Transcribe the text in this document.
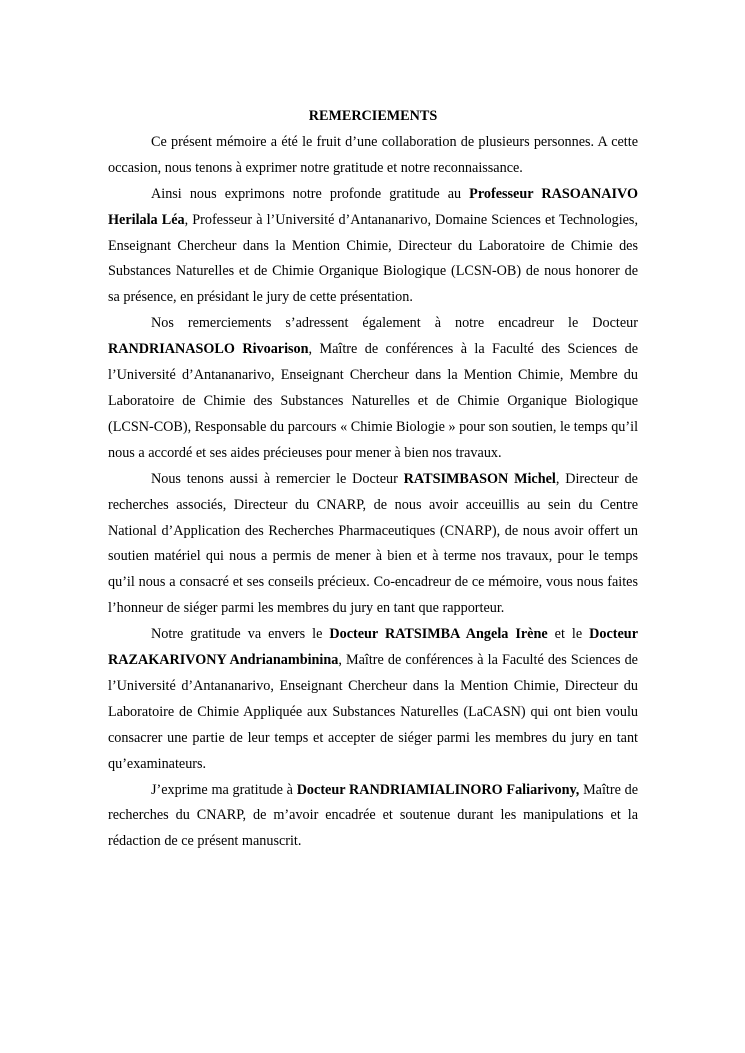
REMERCIEMENTS

Ce présent mémoire a été le fruit d’une collaboration de plusieurs personnes. A cette occasion, nous tenons à exprimer notre gratitude et notre reconnaissance.

Ainsi nous exprimons notre profonde gratitude au Professeur RASOANAIVO Herilala Léa, Professeur à l’Université d’Antananarivo, Domaine Sciences et Technologies, Enseignant Chercheur dans la Mention Chimie, Directeur du Laboratoire de Chimie des Substances Naturelles et de Chimie Organique Biologique (LCSN-OB) de nous honorer de sa présence, en présidant le jury de cette présentation.

Nos remerciements s’adressent également à notre encadreur le Docteur RANDRIANASOLO Rivoarison, Maître de conférences à la Faculté des Sciences de l’Université d’Antananarivo, Enseignant Chercheur dans la Mention Chimie, Membre du Laboratoire de Chimie des Substances Naturelles et de Chimie Organique Biologique (LCSN-COB), Responsable du parcours « Chimie Biologie » pour son soutien, le temps qu’il nous a accordé et ses aides précieuses pour mener à bien nos travaux.

Nous tenons aussi à remercier le Docteur RATSIMBASON Michel, Directeur de recherches associés, Directeur du CNARP, de nous avoir acceuillis au sein du Centre National d’Application des Recherches Pharmaceutiques (CNARP), de nous avoir offert un soutien matériel qui nous a permis de mener à bien et à terme nos travaux, pour le temps qu’il nous a consacré et ses conseils précieux. Co-encadreur de ce mémoire, vous nous faites l’honneur de siéger parmi les membres du jury en tant que rapporteur.

Notre gratitude va envers le Docteur RATSIMBA Angela Irène et le Docteur RAZAKARIVONY Andrianambinina, Maître de conférences à la Faculté des Sciences de l’Université d’Antananarivo, Enseignant Chercheur dans la Mention Chimie, Directeur du Laboratoire de Chimie Appliquée aux Substances Naturelles (LaCASN) qui ont bien voulu consacrer une partie de leur temps et accepter de siéger parmi les membres du jury en tant qu’examinateurs.

J’exprime ma gratitude à Docteur RANDRIAMIALINORO Faliarivony, Maître de recherches du CNARP, de m’avoir encadrée et soutenue durant les manipulations et la rédaction de ce présent manuscrit.
